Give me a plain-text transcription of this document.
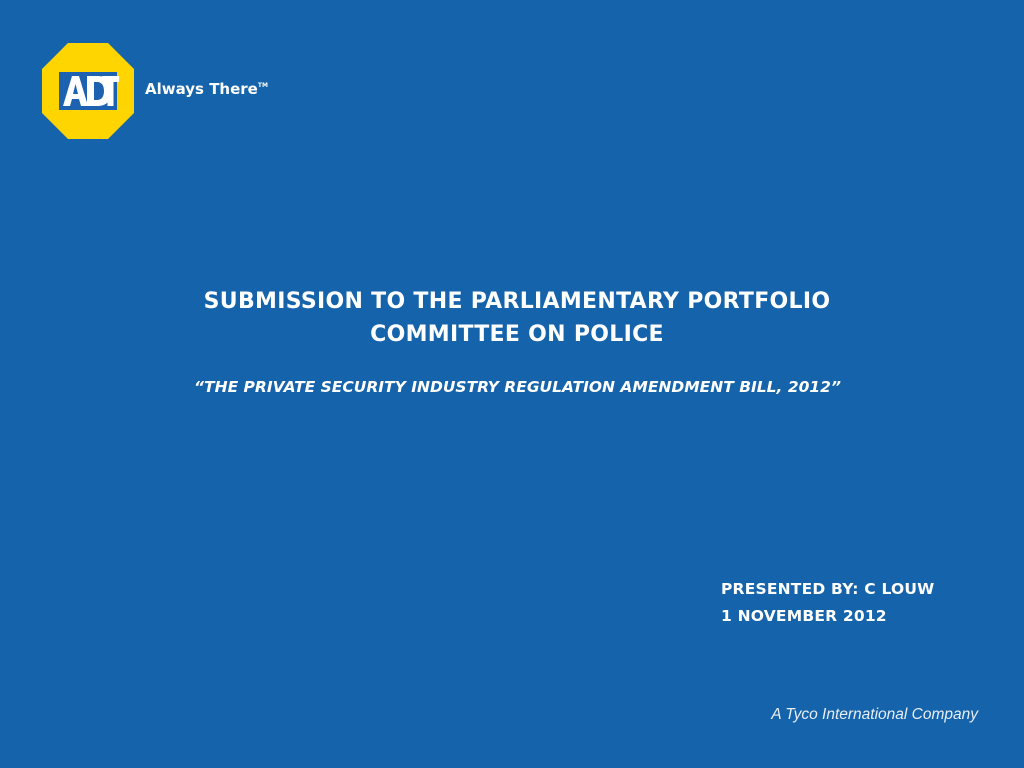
Always There™
SUBMISSION TO THE PARLIAMENTARY PORTFOLIO
COMMITTEE ON POLICE
“THE PRIVATE SECURITY INDUSTRY REGULATION AMENDMENT BILL, 2012”
PRESENTED BY: C LOUW
1 NOVEMBER 2012
A Tyco International Company
